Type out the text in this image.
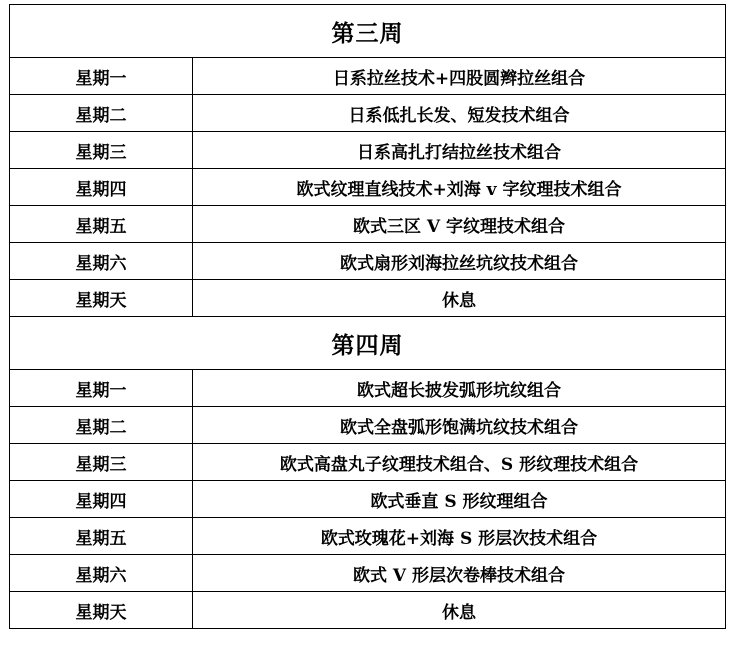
第三周	
星期一	日系拉丝技术+四股圆辫拉丝组合
星期二	日系低扎长发、短发技术组合
星期三	日系高扎打结拉丝技术组合
星期四	欧式纹理直线技术+刘海 v 字纹理技术组合
星期五	欧式三区 V 字纹理技术组合
星期六	欧式扇形刘海拉丝坑纹技术组合
星期天	休息
第四周	
星期一	欧式超长披发弧形坑纹组合
星期二	欧式全盘弧形饱满坑纹技术组合
星期三	欧式高盘丸子纹理技术组合、S 形纹理技术组合
星期四	欧式垂直 S 形纹理组合
星期五	欧式玫瑰花+刘海 S 形层次技术组合
星期六	欧式 V 形层次卷棒技术组合
星期天	休息
